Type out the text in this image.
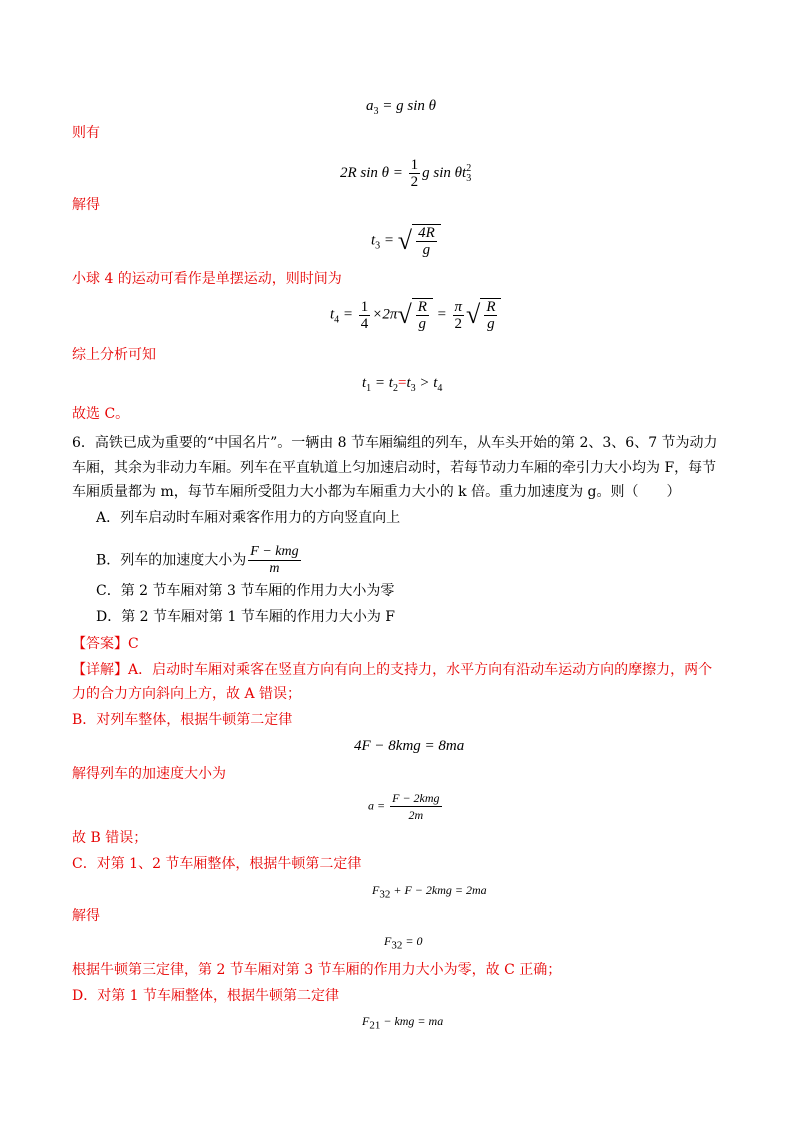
$a_3 = g$ sin θ
则有
2R $\sin \theta = \frac{1}{2}$ g $\sin \theta t_3^2$
解得
$t_3$ = √ $\frac{4R}{g}$
小球 4 的运动可看作是单摆运动，则时间为
$t_4 = \frac{1}{4} \times 2\pi√ \frac{R}{g} = \frac{\pi}{2}$ √ $\frac{R}{g}$
综上分析可知
$t_1 = t_2=t_3 > t_4$
故选 C。
6．高铁已成为重要的“中国名片”。一辆由 8 节车厢编组的列车，从车头开始的第 2、3、6、7 节为动力
车厢，其余为非动力车厢。列车在平直轨道上匀加速启动时，若每节动力车厢的牵引力大小均为 F，每节
车厢质量都为 m，每节车厢所受阻力大小都为车厢重力大小的 k 倍。重力加速度为 g。则（　　）
A．列车启动时车厢对乘客作用力的方向竖直向上
B．列车的加速度大小为 $\frac{\text{F − kmg}}{m}$
C．第 2 节车厢对第 3 节车厢的作用力大小为零
D．第 2 节车厢对第 1 节车厢的作用力大小为 F
【答案】C
【详解】A．启动时车厢对乘客在竖直方向有向上的支持力，水平方向有沿动车运动方向的摩擦力，两个
力的合力方向斜向上方，故 A 错误；
B．对列车整体，根据牛顿第二定律
4F − 8kmg = 8ma
解得列车的加速度大小为
$a = \frac{\text{F − 2kmg}}{2m}$
故 B 错误；
C．对第 1、2 节车厢整体，根据牛顿第二定律
$F_{32} + F - 2kmg = 2ma$
解得
$F_{32} = 0$
根据牛顿第三定律，第 2 节车厢对第 3 节车厢的作用力大小为零，故 C 正确；
D．对第 1 节车厢整体，根据牛顿第二定律
$F_{21}$ − kmg = ma
